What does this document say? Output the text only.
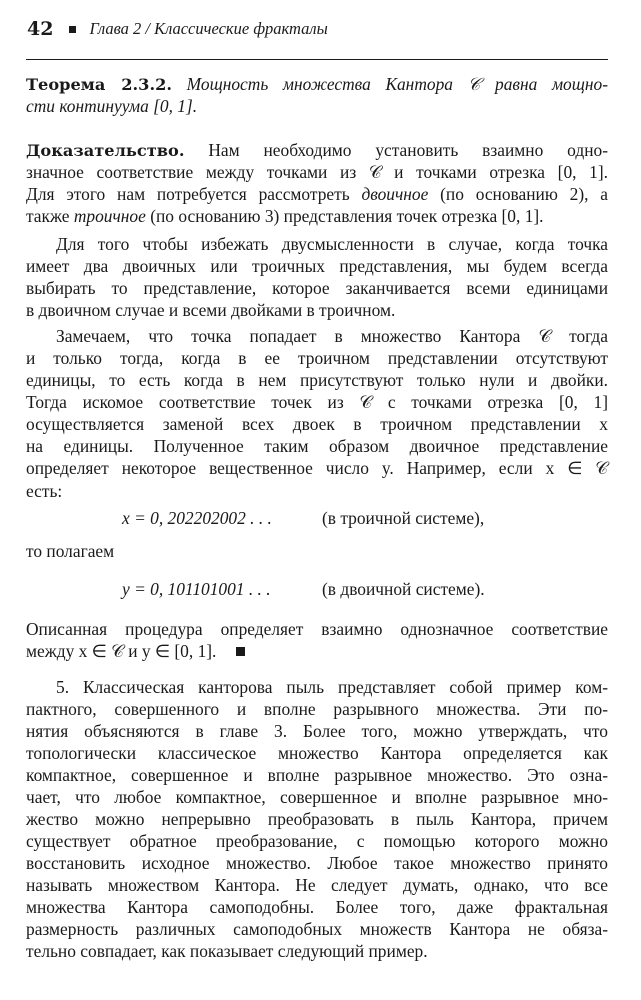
42 Глава 2 / Классические фракталы
Теорема 2.3.2. Мощность множества Кантора 𝒞 равна мощно-
сти континуума [0, 1].
Доказательство. Нам необходимо установить взаимно одно-
значное соответствие между точками из 𝒞 и точками отрезка [0, 1].
Для этого нам потребуется рассмотреть двоичное (по основанию 2), а
также троичное (по основанию 3) представления точек отрезка [0, 1].
Для того чтобы избежать двусмысленности в случае, когда точка
имеет два двоичных или троичных представления, мы будем всегда
выбирать то представление, которое заканчивается всеми единицами
в двоичном случае и всеми двойками в троичном.
Замечаем, что точка попадает в множество Кантора 𝒞 тогда
и только тогда, когда в ее троичном представлении отсутствуют
единицы, то есть когда в нем присутствуют только нули и двойки.
Тогда искомое соответствие точек из 𝒞 с точками отрезка [0, 1]
осуществляется заменой всех двоек в троичном представлении x
на единицы. Полученное таким образом двоичное представление
определяет некоторое вещественное число y. Например, если x ∈ 𝒞
есть:
x = 0, 202202002 . . .	(в троичной системе),
то полагаем
y = 0, 101101001 . . .	(в двоичной системе).
Описанная процедура определяет взаимно однозначное соответствие
между x ∈ 𝒞 и y ∈ [0, 1].
5. Классическая канторова пыль представляет собой пример ком-
пактного, совершенного и вполне разрывного множества. Эти по-
нятия объясняются в главе 3. Более того, можно утверждать, что
топологически классическое множество Кантора определяется как
компактное, совершенное и вполне разрывное множество. Это озна-
чает, что любое компактное, совершенное и вполне разрывное мно-
жество можно непрерывно преобразовать в пыль Кантора, причем
существует обратное преобразование, с помощью которого можно
восстановить исходное множество. Любое такое множество принято
называть множеством Кантора. Не следует думать, однако, что все
множества Кантора самоподобны. Более того, даже фрактальная
размерность различных самоподобных множеств Кантора не обяза-
тельно совпадает, как показывает следующий пример.
